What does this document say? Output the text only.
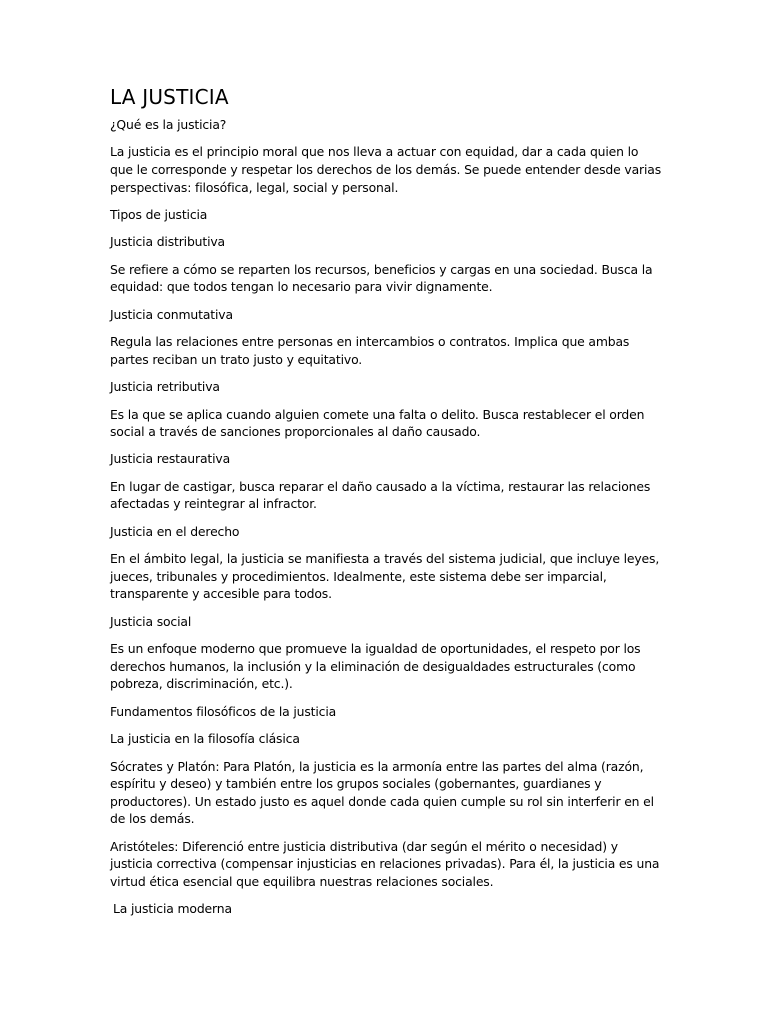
LA JUSTICIA

¿Qué es la justicia?

La justicia es el principio moral que nos lleva a actuar con equidad, dar a cada quien lo que le corresponde y respetar los derechos de los demás. Se puede entender desde varias perspectivas: filosófica, legal, social y personal.

Tipos de justicia

Justicia distributiva

Se refiere a cómo se reparten los recursos, beneficios y cargas en una sociedad. Busca la equidad: que todos tengan lo necesario para vivir dignamente.

Justicia conmutativa

Regula las relaciones entre personas en intercambios o contratos. Implica que ambas partes reciban un trato justo y equitativo.

Justicia retributiva

Es la que se aplica cuando alguien comete una falta o delito. Busca restablecer el orden social a través de sanciones proporcionales al daño causado.

Justicia restaurativa

En lugar de castigar, busca reparar el daño causado a la víctima, restaurar las relaciones afectadas y reintegrar al infractor.

Justicia en el derecho

En el ámbito legal, la justicia se manifiesta a través del sistema judicial, que incluye leyes, jueces, tribunales y procedimientos. Idealmente, este sistema debe ser imparcial, transparente y accesible para todos.

Justicia social

Es un enfoque moderno que promueve la igualdad de oportunidades, el respeto por los derechos humanos, la inclusión y la eliminación de desigualdades estructurales (como pobreza, discriminación, etc.).

Fundamentos filosóficos de la justicia

La justicia en la filosofía clásica

Sócrates y Platón: Para Platón, la justicia es la armonía entre las partes del alma (razón, espíritu y deseo) y también entre los grupos sociales (gobernantes, guardianes y productores). Un estado justo es aquel donde cada quien cumple su rol sin interferir en el de los demás.

Aristóteles: Diferenció entre justicia distributiva (dar según el mérito o necesidad) y justicia correctiva (compensar injusticias en relaciones privadas). Para él, la justicia es una virtud ética esencial que equilibra nuestras relaciones sociales.

La justicia moderna
